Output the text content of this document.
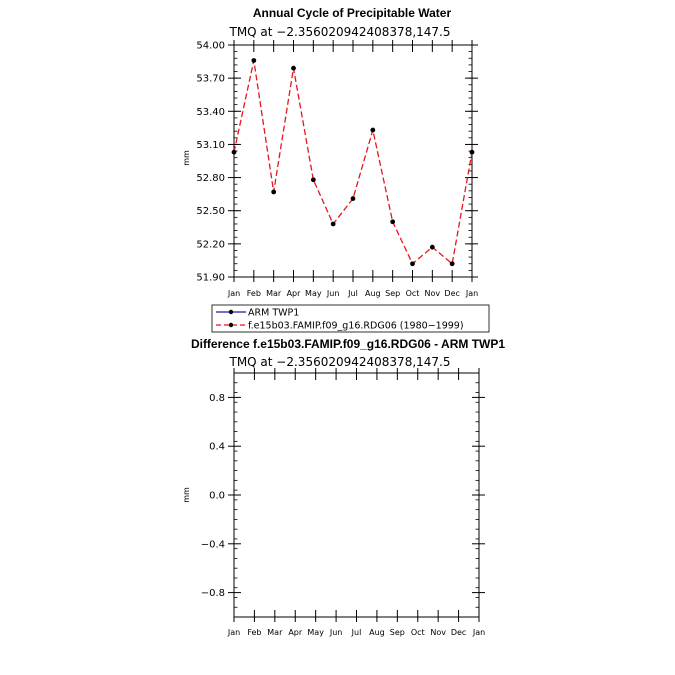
Annual Cycle of Precipitable Water
TMQ at −2.356020942408378,147.5
mm
51.90
52.20
52.50
52.80
53.10
53.40
53.70
54.00
Jan Feb Mar Apr May Jun Jul Aug Sep Oct Nov Dec Jan
ARM TWP1
f.e15b03.FAMIP.f09_g16.RDG06 (1980−1999)
Difference f.e15b03.FAMIP.f09_g16.RDG06 - ARM TWP1
TMQ at −2.356020942408378,147.5
mm
−0.8
−0.4
0.0
0.4
0.8
Jan Feb Mar Apr May Jun Jul Aug Sep Oct Nov Dec Jan
